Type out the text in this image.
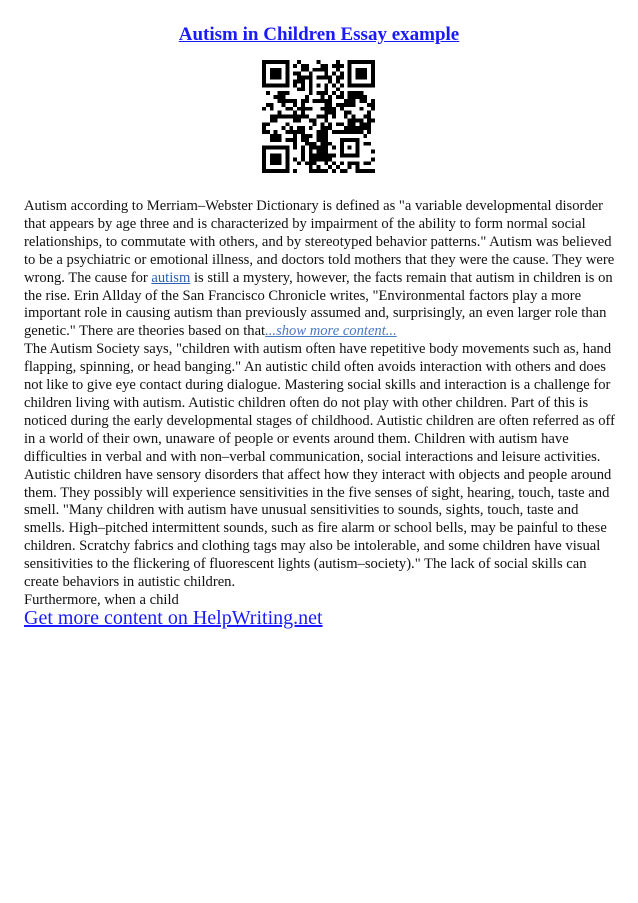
Autism in Children Essay example

Autism according to Merriam–Webster Dictionary is defined as "a variable developmental disorder that appears by age three and is characterized by impairment of the ability to form normal social relationships, to commutate with others, and by stereotyped behavior patterns." Autism was believed to be a psychiatric or emotional illness, and doctors told mothers that they were the cause. They were wrong. The cause for autism is still a mystery, however, the facts remain that autism in children is on the rise. Erin Allday of the San Francisco Chronicle writes, "Environmental factors play a more important role in causing autism than previously assumed and, surprisingly, an even larger role than genetic." There are theories based on that...show more content...

The Autism Society says, "children with autism often have repetitive body movements such as, hand flapping, spinning, or head banging." An autistic child often avoids interaction with others and does not like to give eye contact during dialogue. Mastering social skills and interaction is a challenge for children living with autism. Autistic children often do not play with other children. Part of this is noticed during the early developmental stages of childhood. Autistic children are often referred as off in a world of their own, unaware of people or events around them. Children with autism have difficulties in verbal and with non–verbal communication, social interactions and leisure activities. Autistic children have sensory disorders that affect how they interact with objects and people around them. They possibly will experience sensitivities in the five senses of sight, hearing, touch, taste and smell. "Many children with autism have unusual sensitivities to sounds, sights, touch, taste and smells. High–pitched intermittent sounds, such as fire alarm or school bells, may be painful to these children. Scratchy fabrics and clothing tags may also be intolerable, and some children have visual sensitivities to the flickering of fluorescent lights (autism–society)." The lack of social skills can create behaviors in autistic children.

Furthermore, when a child

Get more content on HelpWriting.net
